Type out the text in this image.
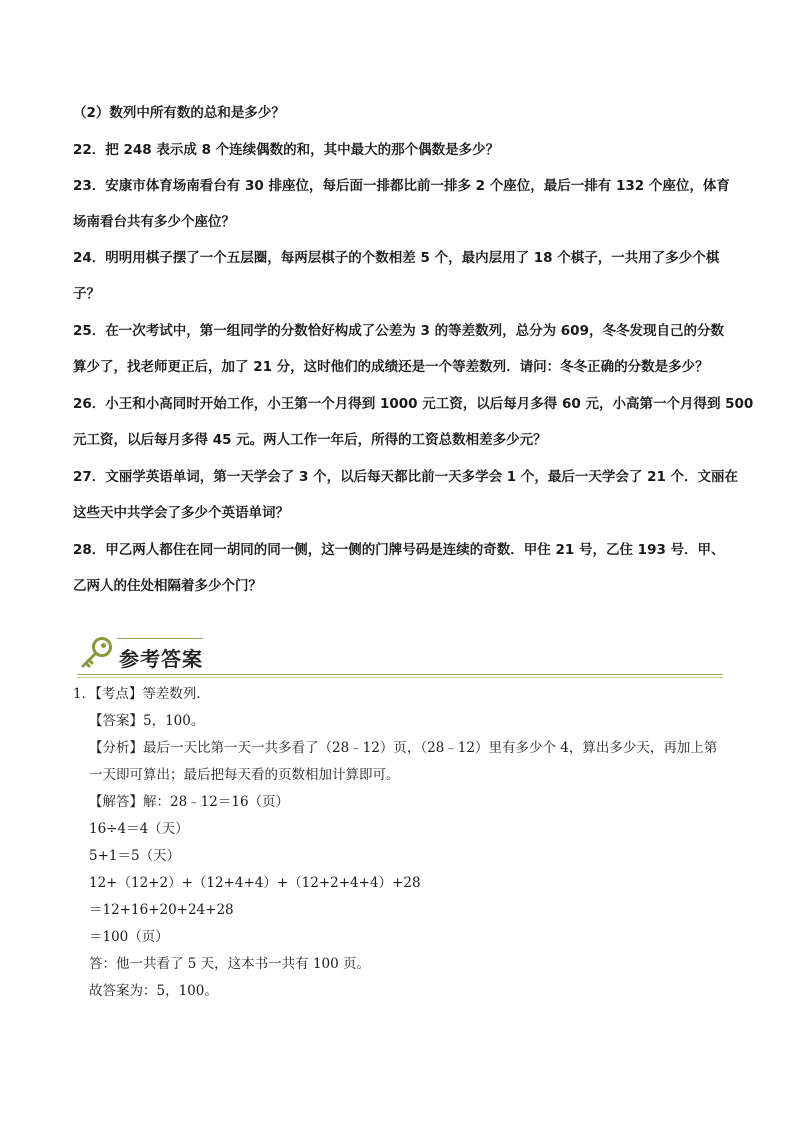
（2）数列中所有数的总和是多少？
22．把 248 表示成 8 个连续偶数的和，其中最大的那个偶数是多少？
23．安康市体育场南看台有 30 排座位，每后面一排都比前一排多 2 个座位，最后一排有 132 个座位，体育
场南看台共有多少个座位？
24．明明用棋子摆了一个五层圈，每两层棋子的个数相差 5 个，最内层用了 18 个棋子，一共用了多少个棋
子？
25．在一次考试中，第一组同学的分数恰好构成了公差为 3 的等差数列，总分为 609，冬冬发现自己的分数
算少了，找老师更正后，加了 21 分，这时他们的成绩还是一个等差数列．请问：冬冬正确的分数是多少？
26．小王和小高同时开始工作，小王第一个月得到 1000 元工资，以后每月多得 60 元，小高第一个月得到 500
元工资，以后每月多得 45 元。两人工作一年后，所得的工资总数相差多少元？
27．文丽学英语单词，第一天学会了 3 个，以后每天都比前一天多学会 1 个，最后一天学会了 21 个．文丽在
这些天中共学会了多少个英语单词？
28．甲乙两人都住在同一胡同的同一侧，这一侧的门牌号码是连续的奇数．甲住 21 号，乙住 193 号．甲、
乙两人的住处相隔着多少个门？
参考答案
1．【考点】等差数列．
【答案】5，100。
【分析】最后一天比第一天一共多看了（28﹣12）页，（28﹣12）里有多少个 4，算出多少天，再加上第
一天即可算出；最后把每天看的页数相加计算即可。
【解答】解：28﹣12＝16（页）
16÷4＝4（天）
5+1＝5（天）
12+（12+2）+（12+4+4）+（12+2+4+4）+28
＝12+16+20+24+28
＝100（页）
答：他一共看了 5 天，这本书一共有 100 页。
故答案为：5，100。
